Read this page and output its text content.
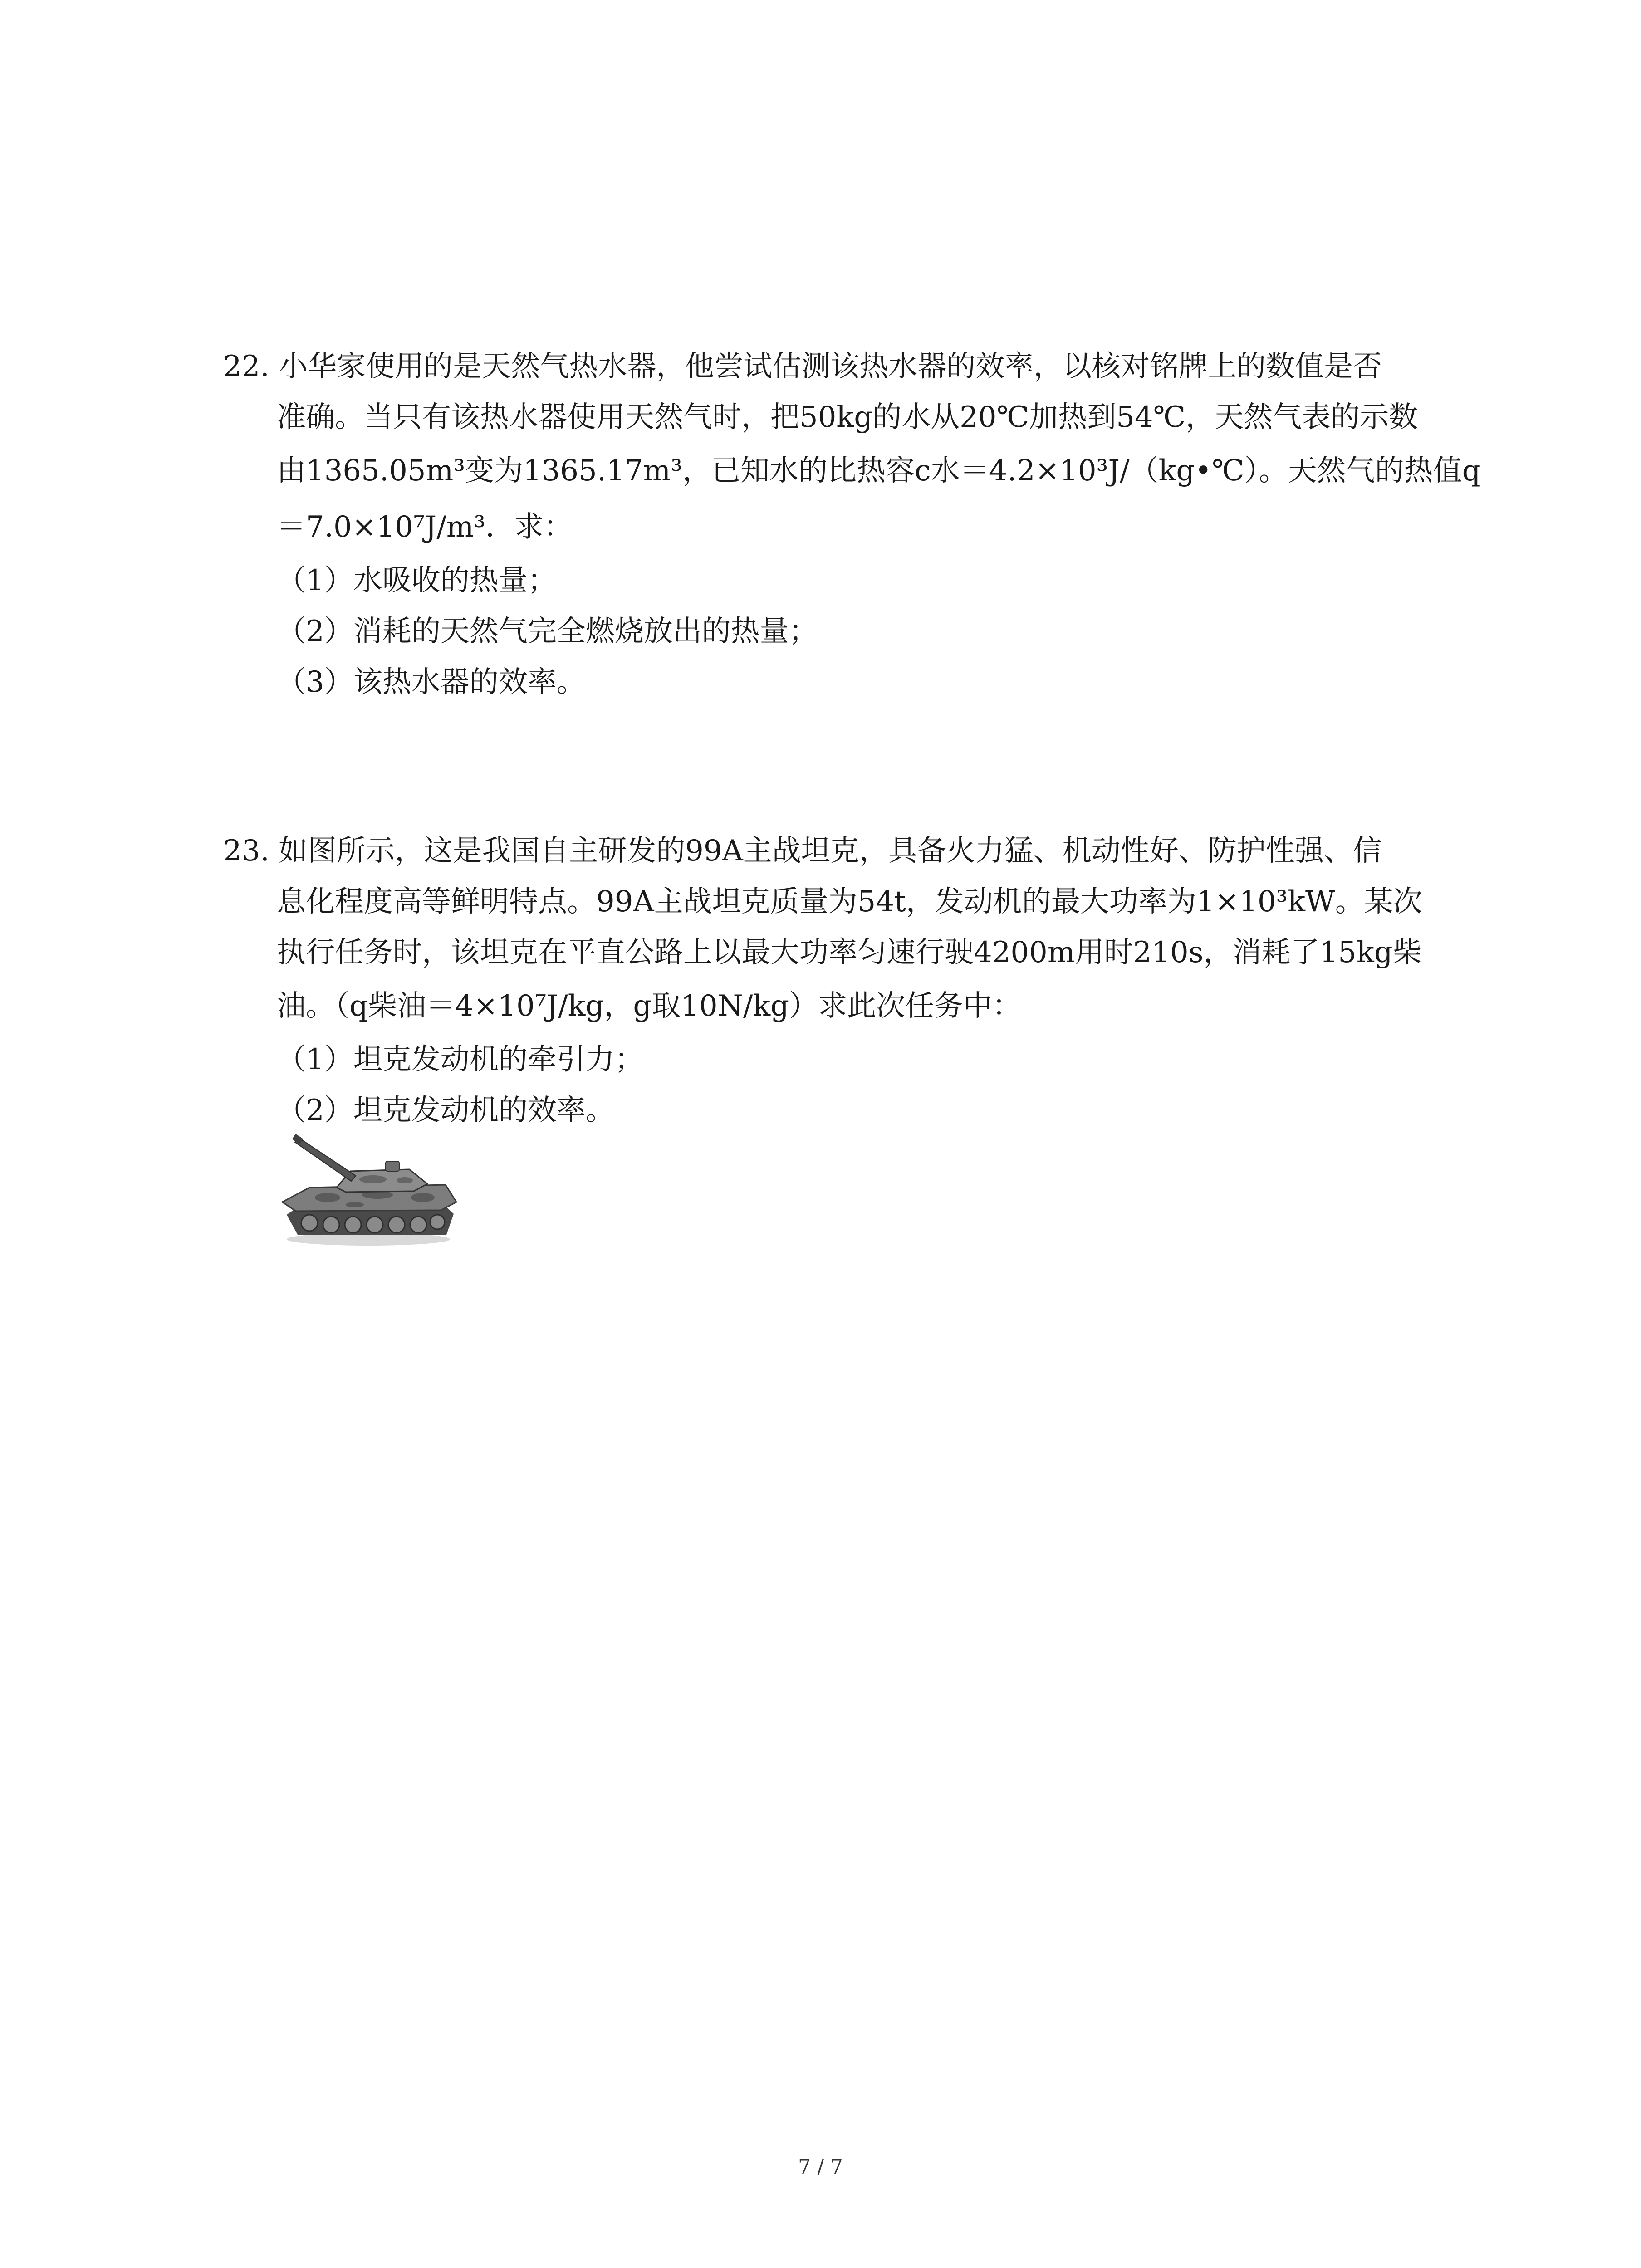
22. 小华家使用的是天然气热水器，他尝试估测该热水器的效率，以核对铭牌上的数值是否
准确。当只有该热水器使用天然气时，把50kg的水从20℃加热到54℃，天然气表的示数
由1365.05m³变为1365.17m³，已知水的比热容c水＝4.2×10³J/（kg•℃）。天然气的热值q
＝7.0×10⁷J/m³．求：
（1）水吸收的热量；
（2）消耗的天然气完全燃烧放出的热量；
（3）该热水器的效率。
23. 如图所示，这是我国自主研发的99A主战坦克，具备火力猛、机动性好、防护性强、信
息化程度高等鲜明特点。99A主战坦克质量为54t，发动机的最大功率为1×10³kW。某次
执行任务时，该坦克在平直公路上以最大功率匀速行驶4200m用时210s，消耗了15kg柴
油。（q柴油＝4×10⁷J/kg，g取10N/kg）求此次任务中：
（1）坦克发动机的牵引力；
（2）坦克发动机的效率。
7 / 7
